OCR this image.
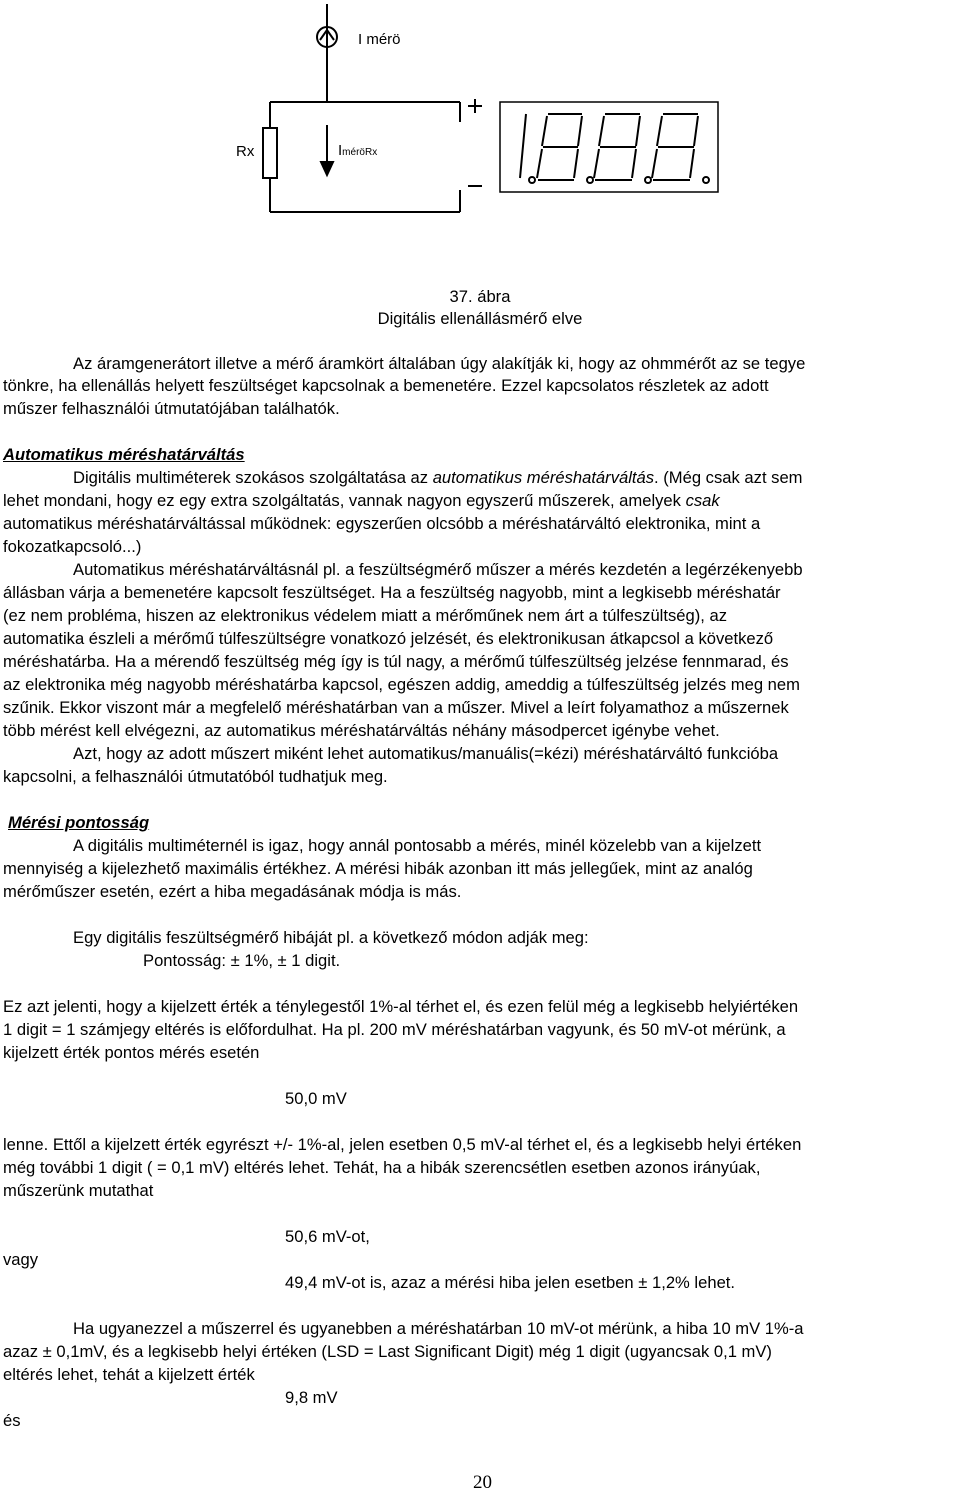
I mérö
Rx	IméröRx
37. ábra
Digitális ellenállásmérő elve
Az áramgenerátort illetve a mérő áramkört általában úgy alakítják ki, hogy az ohmmérőt az se tegye
tönkre, ha ellenállás helyett feszültséget kapcsolnak a bemenetére. Ezzel kapcsolatos részletek az adott
műszer felhasználói útmutatójában találhatók.
Automatikus méréshatárváltás
Digitális multiméterek szokásos szolgáltatása az automatikus méréshatárváltás. (Még csak azt sem
lehet mondani, hogy ez egy extra szolgáltatás, vannak nagyon egyszerű műszerek, amelyek csak
automatikus méréshatárváltással működnek: egyszerűen olcsóbb a méréshatárváltó elektronika, mint a
fokozatkapcsoló...)
Automatikus méréshatárváltásnál pl. a feszültségmérő műszer a mérés kezdetén a legérzékenyebb
állásban várja a bemenetére kapcsolt feszültséget. Ha a feszültség nagyobb, mint a legkisebb méréshatár
(ez nem probléma, hiszen az elektronikus védelem miatt a mérőműnek nem árt a túlfeszültség), az
automatika észleli a mérőmű túlfeszültségre vonatkozó jelzését, és elektronikusan átkapcsol a következő
méréshatárba. Ha a mérendő feszültség még így is túl nagy, a mérőmű túlfeszültség jelzése fennmarad, és
az elektronika még nagyobb méréshatárba kapcsol, egészen addig, ameddig a túlfeszültség jelzés meg nem
szűnik. Ekkor viszont már a megfelelő méréshatárban van a műszer. Mivel a leírt folyamathoz a műszernek
több mérést kell elvégezni, az automatikus méréshatárváltás néhány másodpercet igénybe vehet.
Azt, hogy az adott műszert miként lehet automatikus/manuális(=kézi) méréshatárváltó funkcióba
kapcsolni, a felhasználói útmutatóból tudhatjuk meg.
Mérési pontosság
A digitális multiméternél is igaz, hogy annál pontosabb a mérés, minél közelebb van a kijelzett
mennyiség a kijelezhető maximális értékhez. A mérési hibák azonban itt más jellegűek, mint az analóg
mérőműszer esetén, ezért a hiba megadásának módja is más.
Egy digitális feszültségmérő hibáját pl. a következő módon adják meg:
Pontosság: ± 1%, ± 1 digit.
Ez azt jelenti, hogy a kijelzett érték a ténylegestől 1%-al térhet el, és ezen felül még a legkisebb helyiértéken
1 digit = 1 számjegy eltérés is előfordulhat. Ha pl. 200 mV méréshatárban vagyunk, és 50 mV-ot mérünk, a
kijelzett érték pontos mérés esetén
50,0 mV
lenne. Ettől a kijelzett érték egyrészt +/- 1%-al, jelen esetben 0,5 mV-al térhet el, és a legkisebb helyi értéken
még további 1 digit ( = 0,1 mV) eltérés lehet. Tehát, ha a hibák szerencsétlen esetben azonos irányúak,
műszerünk mutathat
50,6 mV-ot,
vagy
49,4 mV-ot is, azaz a mérési hiba jelen esetben ± 1,2% lehet.
Ha ugyanezzel a műszerrel és ugyanebben a méréshatárban 10 mV-ot mérünk, a hiba 10 mV 1%-a
azaz ± 0,1mV, és a legkisebb helyi értéken (LSD = Last Significant Digit) még 1 digit (ugyancsak 0,1 mV)
eltérés lehet, tehát a kijelzett érték
9,8 mV
és
20
